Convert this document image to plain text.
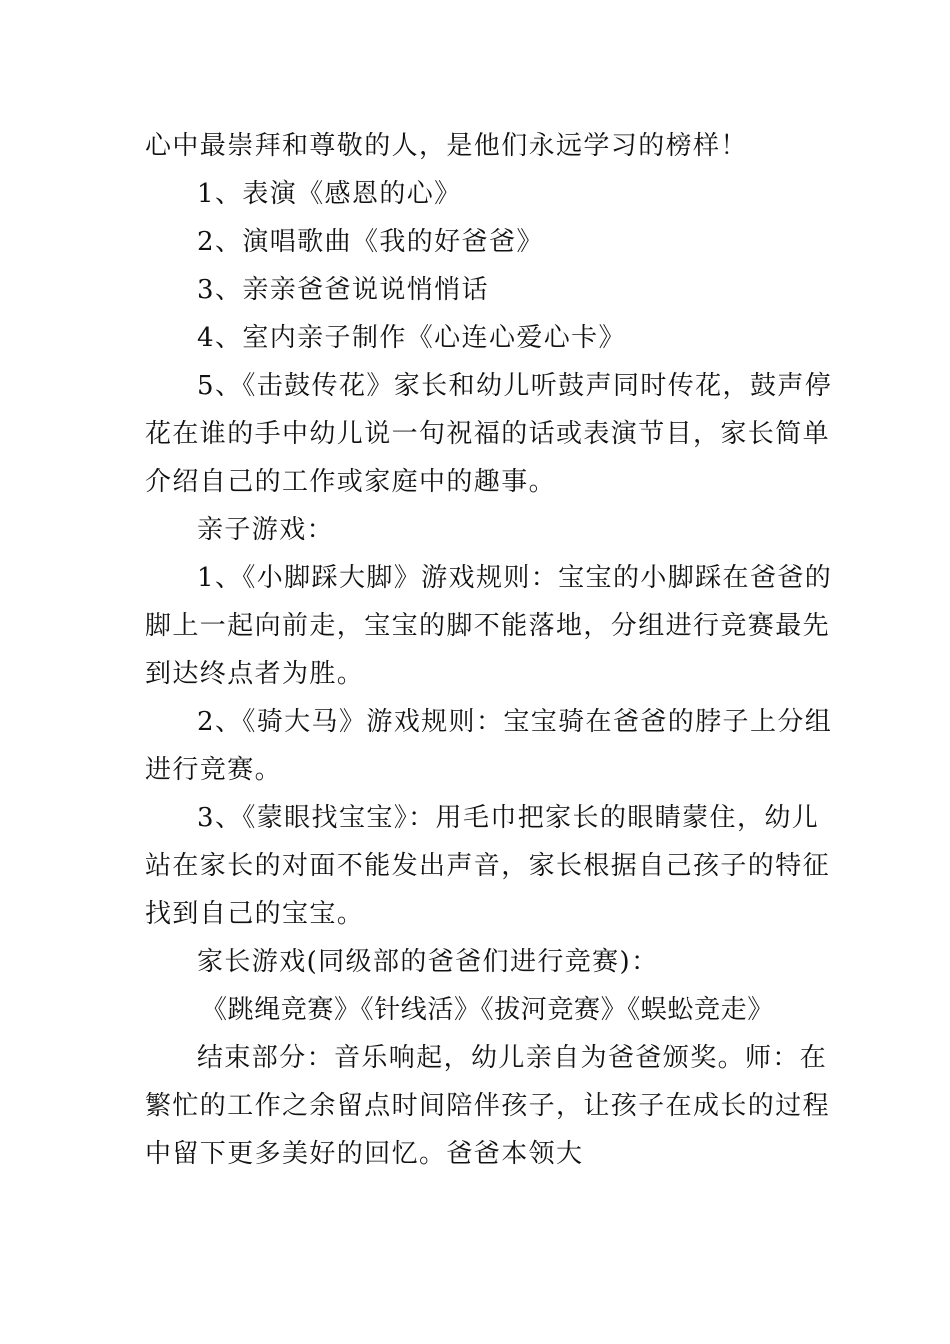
心中最崇拜和尊敬的人，是他们永远学习的榜样！
1、表演《感恩的心》
2、演唱歌曲《我的好爸爸》
3、亲亲爸爸说说悄悄话
4、室内亲子制作《心连心爱心卡》
5、《击鼓传花》家长和幼儿听鼓声同时传花，鼓声停
花在谁的手中幼儿说一句祝福的话或表演节目，家长简单
介绍自己的工作或家庭中的趣事。
亲子游戏：
1、《小脚踩大脚》游戏规则：宝宝的小脚踩在爸爸的
脚上一起向前走，宝宝的脚不能落地，分组进行竞赛最先
到达终点者为胜。
2、《骑大马》游戏规则：宝宝骑在爸爸的脖子上分组
进行竞赛。
3、《蒙眼找宝宝》：用毛巾把家长的眼睛蒙住，幼儿
站在家长的对面不能发出声音，家长根据自己孩子的特征
找到自己的宝宝。
家长游戏(同级部的爸爸们进行竞赛)：
《跳绳竞赛》《针线活》《拔河竞赛》《蜈蚣竞走》
结束部分：音乐响起，幼儿亲自为爸爸颁奖。师：在
繁忙的工作之余留点时间陪伴孩子，让孩子在成长的过程
中留下更多美好的回忆。爸爸本领大
